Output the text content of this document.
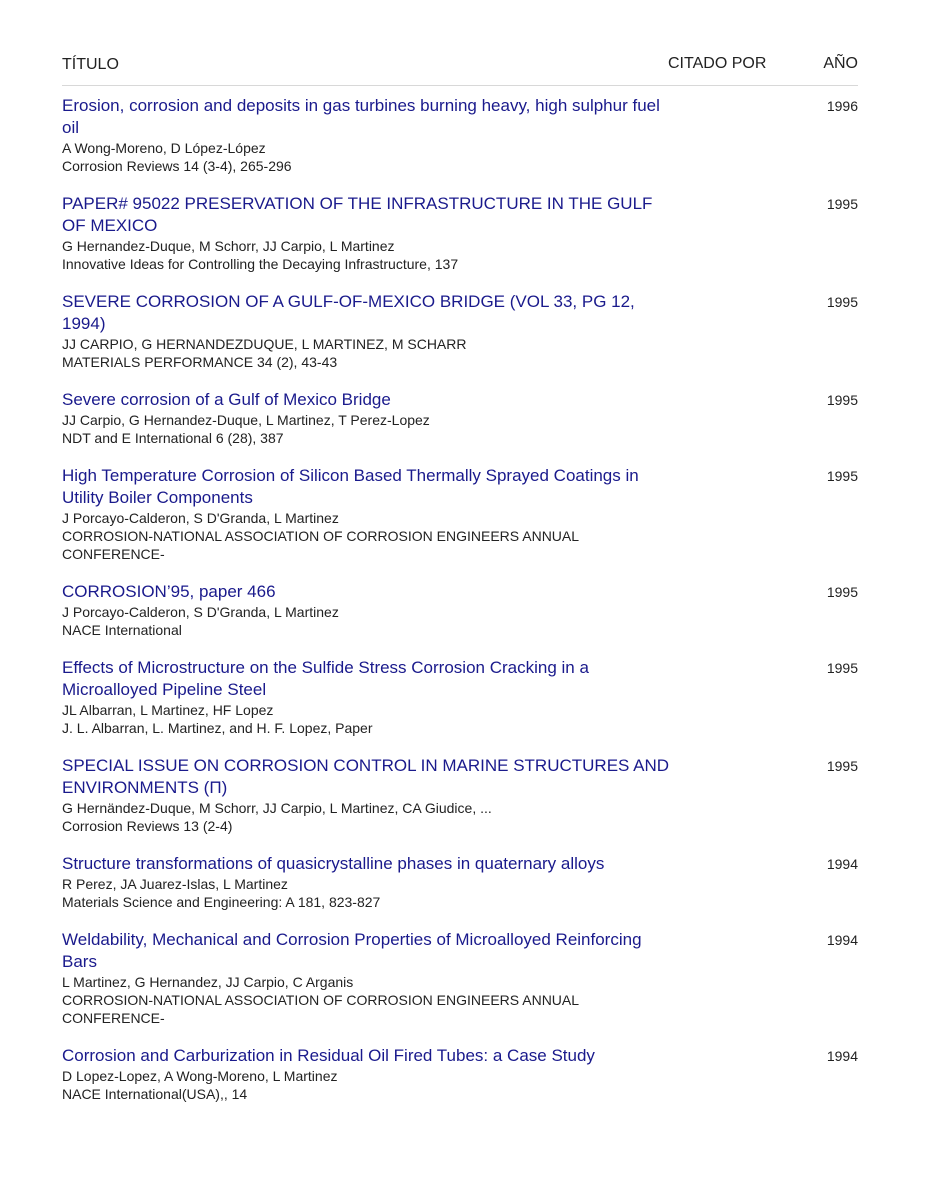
TÍTULO	CITADO POR	AÑO
Erosion, corrosion and deposits in gas turbines burning heavy, high sulphur fuel oil
A Wong-Moreno, D López-López
Corrosion Reviews 14 (3-4), 265-296
1996
PAPER# 95022 PRESERVATION OF THE INFRASTRUCTURE IN THE GULF OF MEXICO
G Hernandez-Duque, M Schorr, JJ Carpio, L Martinez
Innovative Ideas for Controlling the Decaying Infrastructure, 137
1995
SEVERE CORROSION OF A GULF-OF-MEXICO BRIDGE (VOL 33, PG 12, 1994)
JJ CARPIO, G HERNANDEZDUQUE, L MARTINEZ, M SCHARR
MATERIALS PERFORMANCE 34 (2), 43-43
1995
Severe corrosion of a Gulf of Mexico Bridge
JJ Carpio, G Hernandez-Duque, L Martinez, T Perez-Lopez
NDT and E International 6 (28), 387
1995
High Temperature Corrosion of Silicon Based Thermally Sprayed Coatings in Utility Boiler Components
J Porcayo-Calderon, S D'Granda, L Martinez
CORROSION-NATIONAL ASSOCIATION OF CORROSION ENGINEERS ANNUAL CONFERENCE-
1995
CORROSION’95, paper 466
J Porcayo-Calderon, S D'Granda, L Martinez
NACE International
1995
Effects of Microstructure on the Sulfide Stress Corrosion Cracking in a Microalloyed Pipeline Steel
JL Albarran, L Martinez, HF Lopez
J. L. Albarran, L. Martinez, and H. F. Lopez, Paper
1995
SPECIAL ISSUE ON CORROSION CONTROL IN MARINE STRUCTURES AND ENVIRONMENTS (Π)
G Hernändez-Duque, M Schorr, JJ Carpio, L Martinez, CA Giudice, ...
Corrosion Reviews 13 (2-4)
1995
Structure transformations of quasicrystalline phases in quaternary alloys
R Perez, JA Juarez-Islas, L Martinez
Materials Science and Engineering: A 181, 823-827
1994
Weldability, Mechanical and Corrosion Properties of Microalloyed Reinforcing Bars
L Martinez, G Hernandez, JJ Carpio, C Arganis
CORROSION-NATIONAL ASSOCIATION OF CORROSION ENGINEERS ANNUAL CONFERENCE-
1994
Corrosion and Carburization in Residual Oil Fired Tubes: a Case Study
D Lopez-Lopez, A Wong-Moreno, L Martinez
NACE International(USA),, 14
1994
